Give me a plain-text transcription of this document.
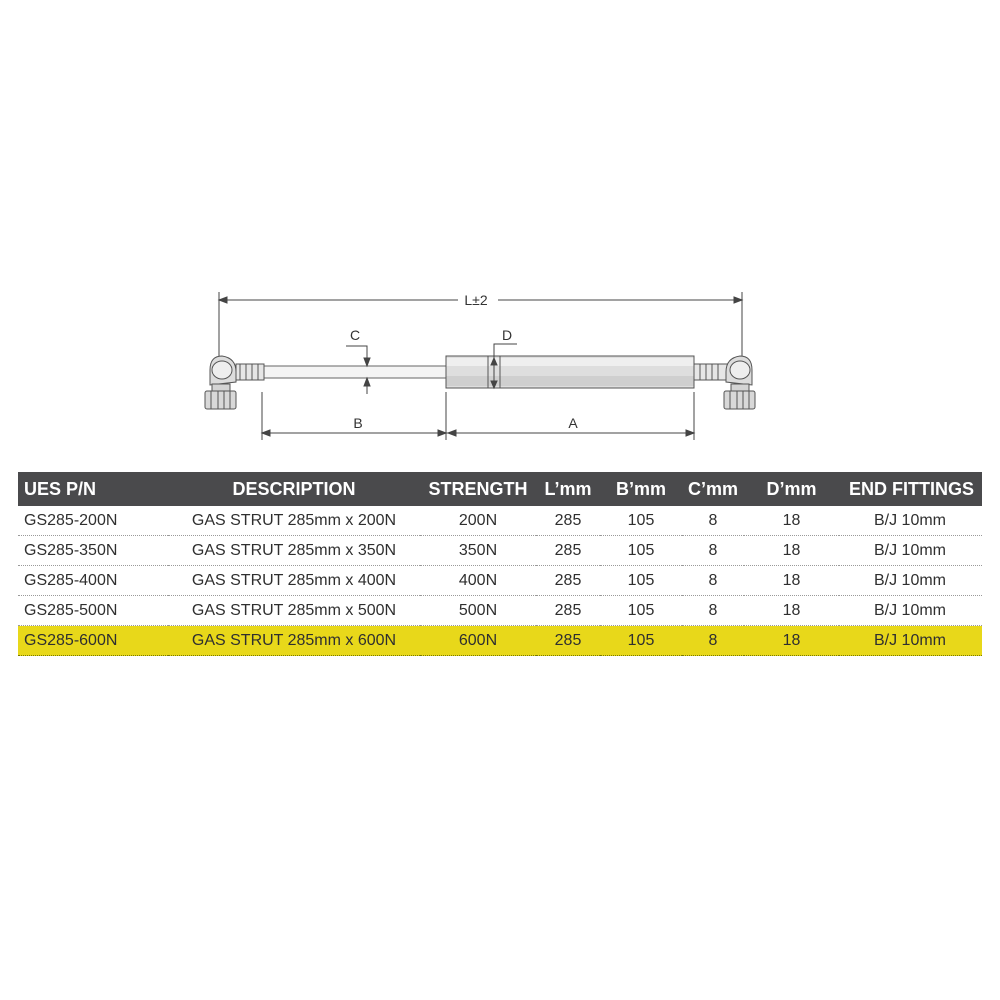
L±2
C	D
B	A
UES P/N	DESCRIPTION	STRENGTH	L’mm	B’mm	C’mm	D’mm	END FITTINGS
GS285-200N	GAS STRUT 285mm x 200N	200N	285	105	8	18	B/J 10mm
GS285-350N	GAS STRUT 285mm x 350N	350N	285	105	8	18	B/J 10mm
GS285-400N	GAS STRUT 285mm x 400N	400N	285	105	8	18	B/J 10mm
GS285-500N	GAS STRUT 285mm x 500N	500N	285	105	8	18	B/J 10mm
GS285-600N	GAS STRUT 285mm x 600N	600N	285	105	8	18	B/J 10mm
